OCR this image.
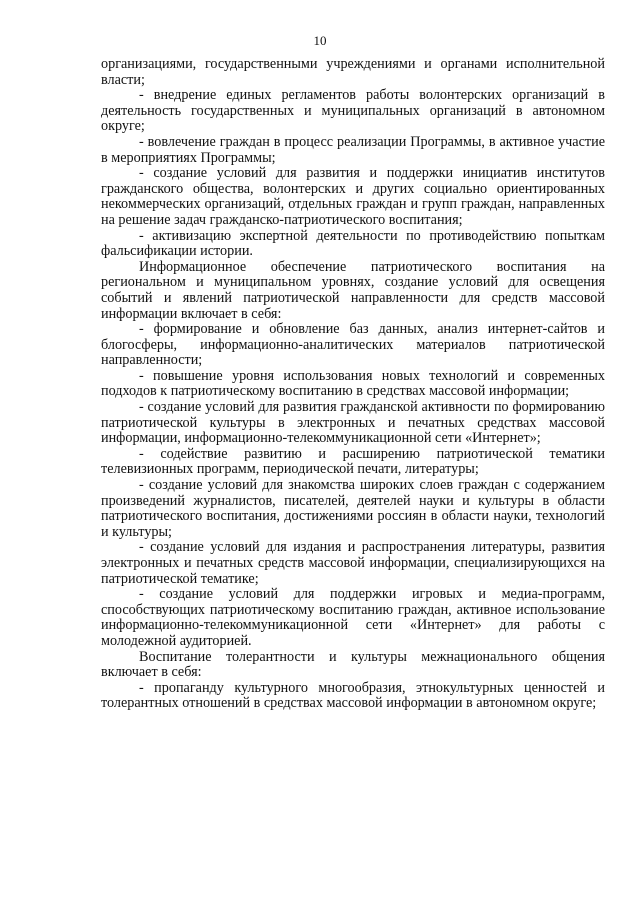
10

организациями, государственными учреждениями и органами исполнительной власти;

- внедрение единых регламентов работы волонтерских организаций в деятельность государственных и муниципальных организаций в автономном округе;

- вовлечение граждан в процесс реализации Программы, в активное участие в мероприятиях Программы;

- создание условий для развития и поддержки инициатив институтов гражданского общества, волонтерских и других социально ориентированных некоммерческих организаций, отдельных граждан и групп граждан, направленных на решение задач гражданско-патриотического воспитания;

- активизацию экспертной деятельности по противодействию попыткам фальсификации истории.

Информационное обеспечение патриотического воспитания на региональном и муниципальном уровнях, создание условий для освещения событий и явлений патриотической направленности для средств массовой информации включает в себя:

- формирование и обновление баз данных, анализ интернет-сайтов и блогосферы, информационно-аналитических материалов патриотической направленности;

- повышение уровня использования новых технологий и современных подходов к патриотическому воспитанию в средствах массовой информации;

- создание условий для развития гражданской активности по формированию патриотической культуры в электронных и печатных средствах массовой информации, информационно-телекоммуникационной сети «Интернет»;

- содействие развитию и расширению патриотической тематики телевизионных программ, периодической печати, литературы;

- создание условий для знакомства широких слоев граждан с содержанием произведений журналистов, писателей, деятелей науки и культуры в области патриотического воспитания, достижениями россиян в области науки, технологий и культуры;

- создание условий для издания и распространения литературы, развития электронных и печатных средств массовой информации, специализирующихся на патриотической тематике;

- создание условий для поддержки игровых и медиа-программ, способствующих патриотическому воспитанию граждан, активное использование информационно-телекоммуникационной сети «Интернет» для работы с молодежной аудиторией.

Воспитание толерантности и культуры межнационального общения включает в себя:

- пропаганду культурного многообразия, этнокультурных ценностей и толерантных отношений в средствах массовой информации в автономном округе;
